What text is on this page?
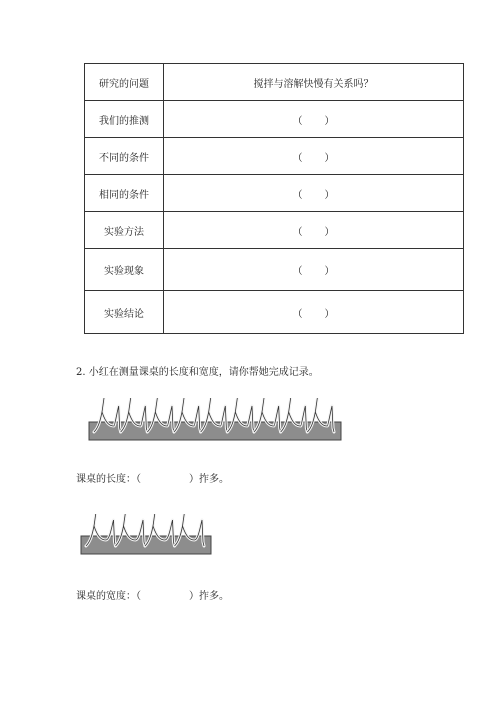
研究的问题	搅拌与溶解快慢有关系吗？
我们的推测	（ ）

不同的条件	（ ）

相同的条件	（ ）

实验方法	（ ）

实验现象	（ ）

实验结论	（ ）
2. 小红在测量课桌的长度和宽度，请你帮她完成记录。
课桌的长度：（	）拃多。
课桌的宽度：（	）拃多。
